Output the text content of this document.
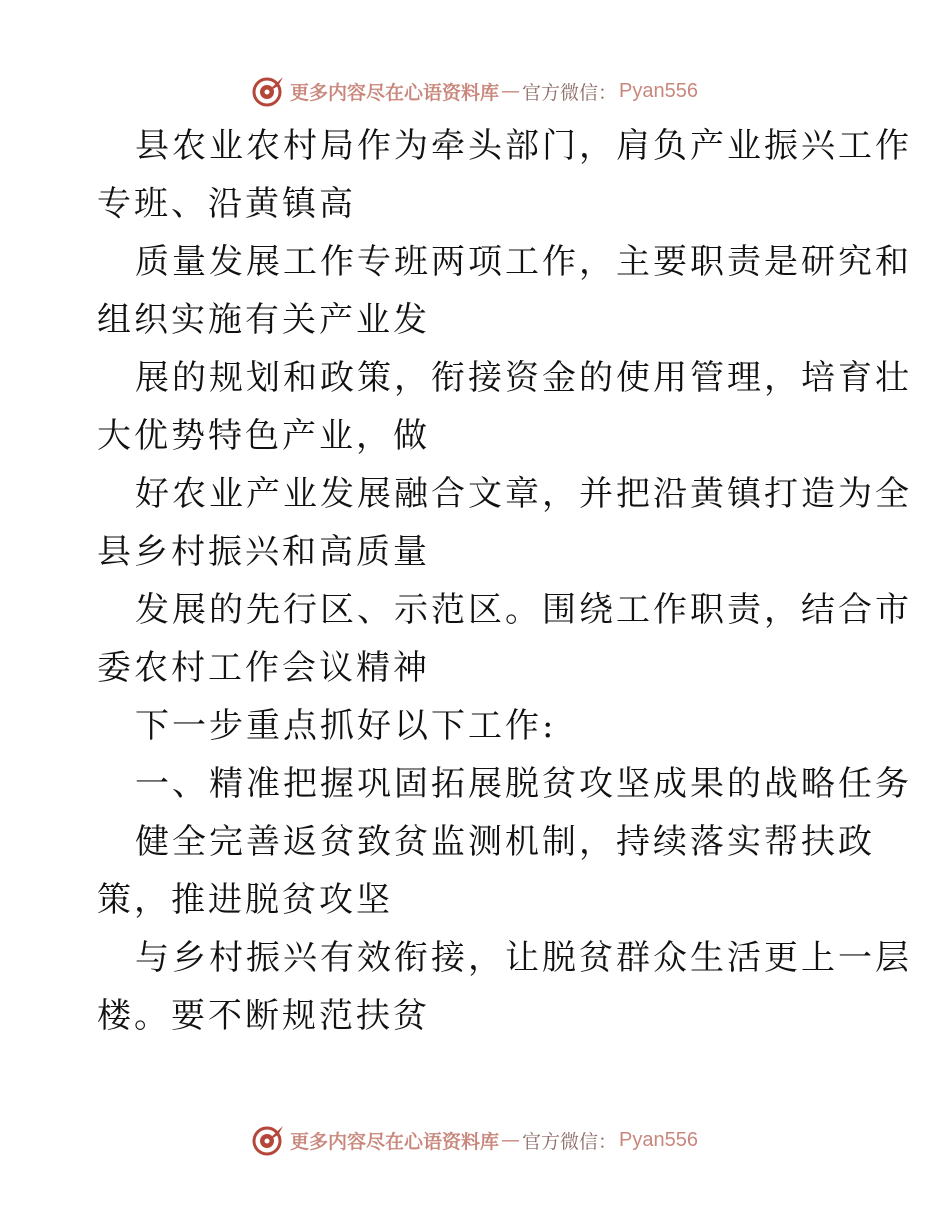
更多内容尽在心语资料库 — 官方微信： Pyan556
县农业农村局作为牵头部门，肩负产业振兴工作
专班、沿黄镇高
质量发展工作专班两项工作，主要职责是研究和
组织实施有关产业发
展的规划和政策，衔接资金的使用管理，培育壮
大优势特色产业，做
好农业产业发展融合文章，并把沿黄镇打造为全
县乡村振兴和高质量
发展的先行区、示范区。围绕工作职责，结合市
委农村工作会议精神
下一步重点抓好以下工作:
一、精准把握巩固拓展脱贫攻坚成果的战略任务
健全完善返贫致贫监测机制，持续落实帮扶政
策，推进脱贫攻坚
与乡村振兴有效衔接，让脱贫群众生活更上一层
楼。要不断规范扶贫
更多内容尽在心语资料库 — 官方微信： Pyan556
